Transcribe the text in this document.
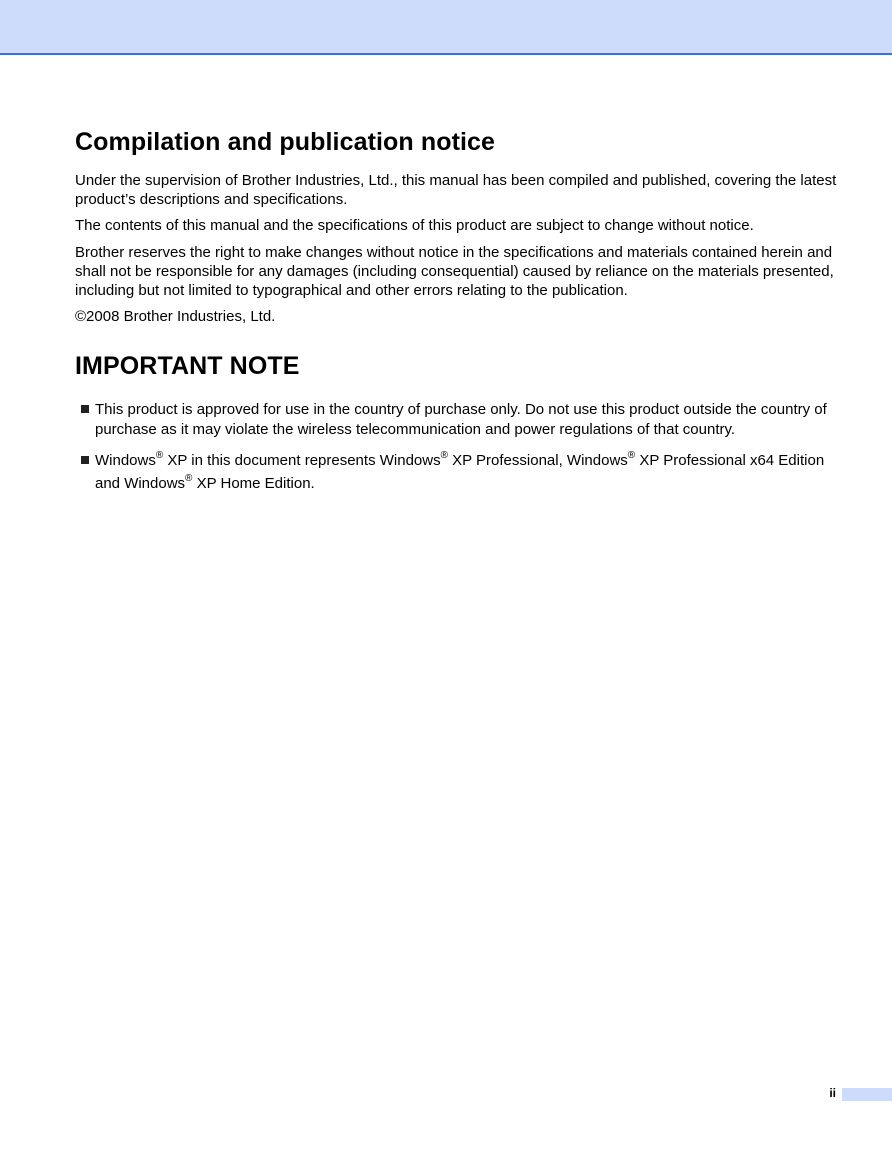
Compilation and publication notice

Under the supervision of Brother Industries, Ltd., this manual has been compiled and published, covering the latest product’s descriptions and specifications.

The contents of this manual and the specifications of this product are subject to change without notice.

Brother reserves the right to make changes without notice in the specifications and materials contained herein and shall not be responsible for any damages (including consequential) caused by reliance on the materials presented, including but not limited to typographical and other errors relating to the publication.

©2008 Brother Industries, Ltd.

IMPORTANT NOTE
This product is approved for use in the country of purchase only. Do not use this product outside the country of purchase as it may violate the wireless telecommunication and power regulations of that country.
Windows® XP in this document represents Windows® XP Professional, Windows® XP Professional x64 Edition and Windows® XP Home Edition.
ii
